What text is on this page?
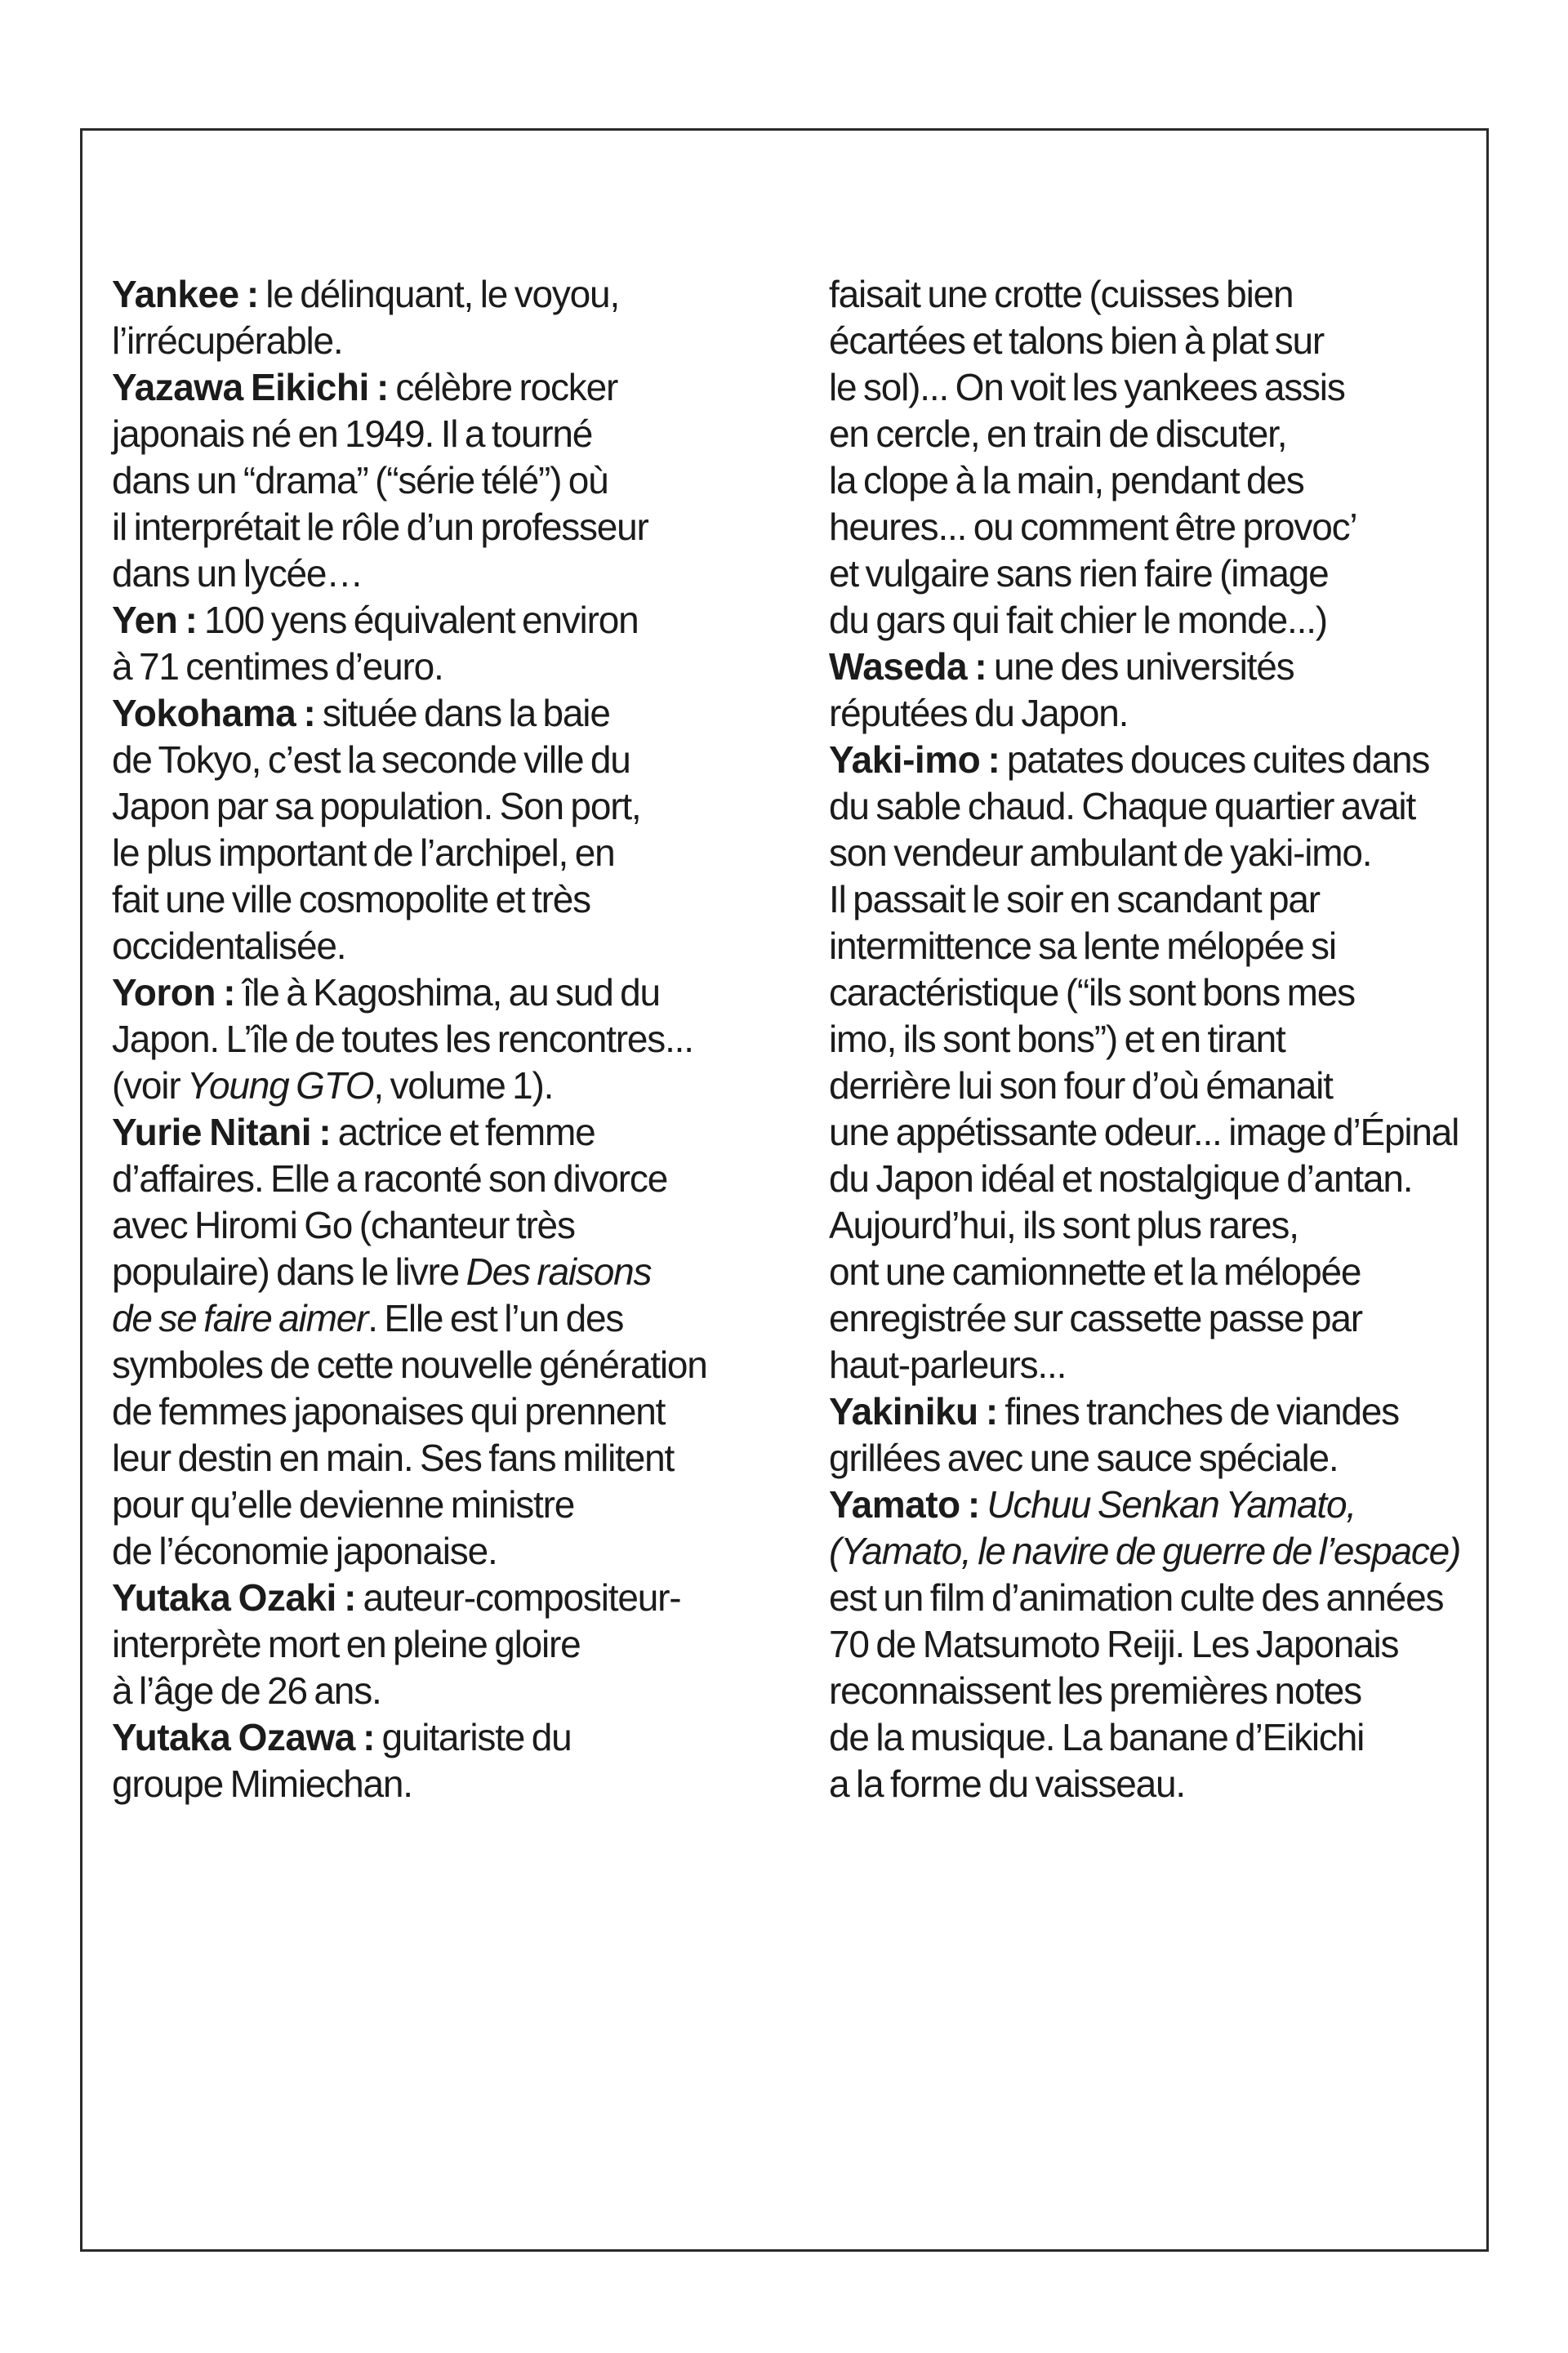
Yankee : le délinquant, le voyou,
l’irrécupérable.
Yazawa Eikichi : célèbre rocker
japonais né en 1949. Il a tourné
dans un “drama” (“série télé”) où
il interprétait le rôle d’un professeur
dans un lycée…
Yen : 100 yens équivalent environ
à 71 centimes d’euro.
Yokohama : située dans la baie
de Tokyo, c’est la seconde ville du
Japon par sa population. Son port,
le plus important de l’archipel, en
fait une ville cosmopolite et très
occidentalisée.
Yoron : île à Kagoshima, au sud du
Japon. L’île de toutes les rencontres...
(voir Young GTO, volume 1).
Yurie Nitani : actrice et femme
d’affaires. Elle a raconté son divorce
avec Hiromi Go (chanteur très
populaire) dans le livre Des raisons
de se faire aimer. Elle est l’un des
symboles de cette nouvelle génération
de femmes japonaises qui prennent
leur destin en main. Ses fans militent
pour qu’elle devienne ministre
de l’économie japonaise.
Yutaka Ozaki : auteur-compositeur-
interprète mort en pleine gloire
à l’âge de 26 ans.
Yutaka Ozawa : guitariste du
groupe Mimiechan.
faisait une crotte (cuisses bien
écartées et talons bien à plat sur
le sol)... On voit les yankees assis
en cercle, en train de discuter,
la clope à la main, pendant des
heures... ou comment être provoc’
et vulgaire sans rien faire (image
du gars qui fait chier le monde...)
Waseda : une des universités
réputées du Japon.
Yaki-imo : patates douces cuites dans
du sable chaud. Chaque quartier avait
son vendeur ambulant de yaki-imo.
Il passait le soir en scandant par
intermittence sa lente mélopée si
caractéristique (“ils sont bons mes
imo, ils sont bons”) et en tirant
derrière lui son four d’où émanait
une appétissante odeur... image d’Épinal
du Japon idéal et nostalgique d’antan.
Aujourd’hui, ils sont plus rares,
ont une camionnette et la mélopée
enregistrée sur cassette passe par
haut-parleurs...
Yakiniku : fines tranches de viandes
grillées avec une sauce spéciale.
Yamato : Uchuu Senkan Yamato,
(Yamato, le navire de guerre de l’espace)
est un film d’animation culte des années
70 de Matsumoto Reiji. Les Japonais
reconnaissent les premières notes
de la musique. La banane d’Eikichi
a la forme du vaisseau.
